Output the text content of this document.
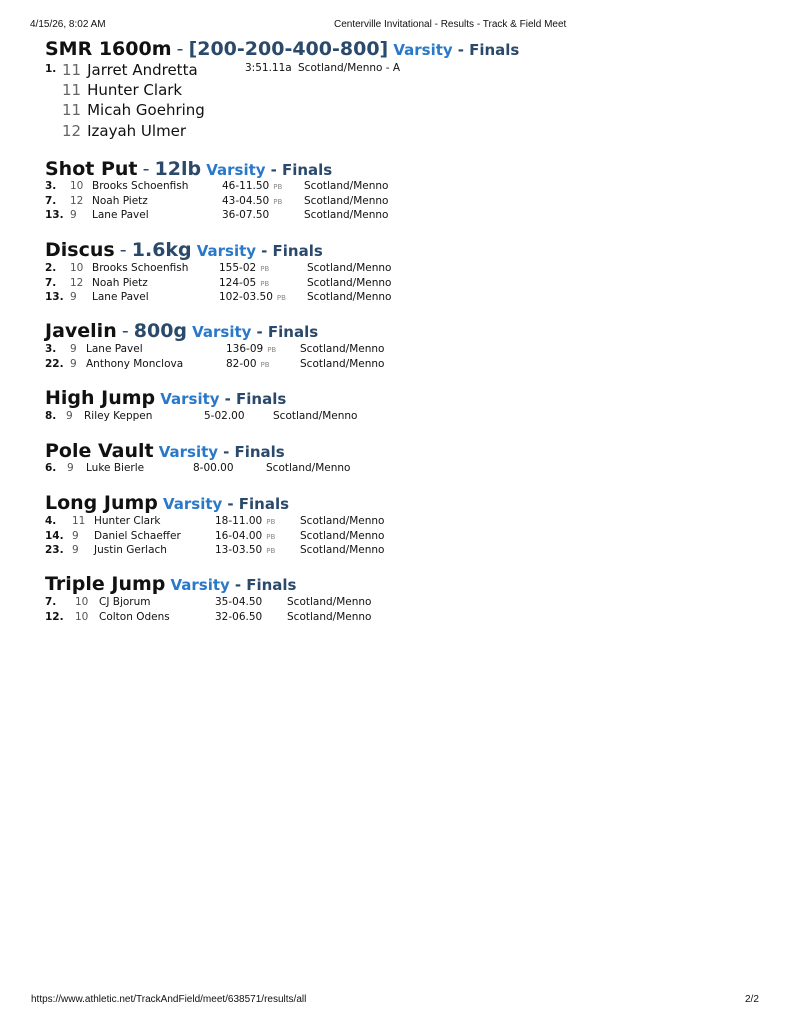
4/15/26, 8:02 AM	Centerville Invitational - Results - Track & Field Meet
SMR 1600m - [200-200-400-800] Varsity - Finals
1.	3:51.11a Scotland/Menno - A
11 Jarret Andretta
11 Hunter Clark
11 Micah Goehring
12 Izayah Ulmer
Shot Put - 12lb Varsity - Finals
3. 10 Brooks Schoenfish	46-11.50 PB Scotland/Menno
7. 12 Noah Pietz	43-04.50 PB Scotland/Menno
13. 9 Lane Pavel	36-07.50	Scotland/Menno
Discus - 1.6kg Varsity - Finals
2. 10 Brooks Schoenfish	155-02 PB	Scotland/Menno
7. 12 Noah Pietz	124-05 PB	Scotland/Menno
13. 9 Lane Pavel	102-03.50 PB Scotland/Menno
Javelin - 800g Varsity - Finals
3. 9 Lane Pavel	136-09 PB Scotland/Menno
22. 9 Anthony Monclova	82-00 PB	Scotland/Menno
High Jump Varsity - Finals
8. 9 Riley Keppen	5-02.00	Scotland/Menno
Pole Vault Varsity - Finals
6. 9 Luke Bierle	8-00.00	Scotland/Menno
Long Jump Varsity - Finals
4. 11 Hunter Clark	18-11.00 PB Scotland/Menno
14. 9 Daniel Schaeffer	16-04.00 PB Scotland/Menno
23. 9 Justin Gerlach	13-03.50 PB Scotland/Menno
Triple Jump Varsity - Finals
7. 10 CJ Bjorum	35-04.50 Scotland/Menno
12. 10 Colton Odens	32-06.50 Scotland/Menno
https://www.athletic.net/TrackAndField/meet/638571/results/all	2/2
